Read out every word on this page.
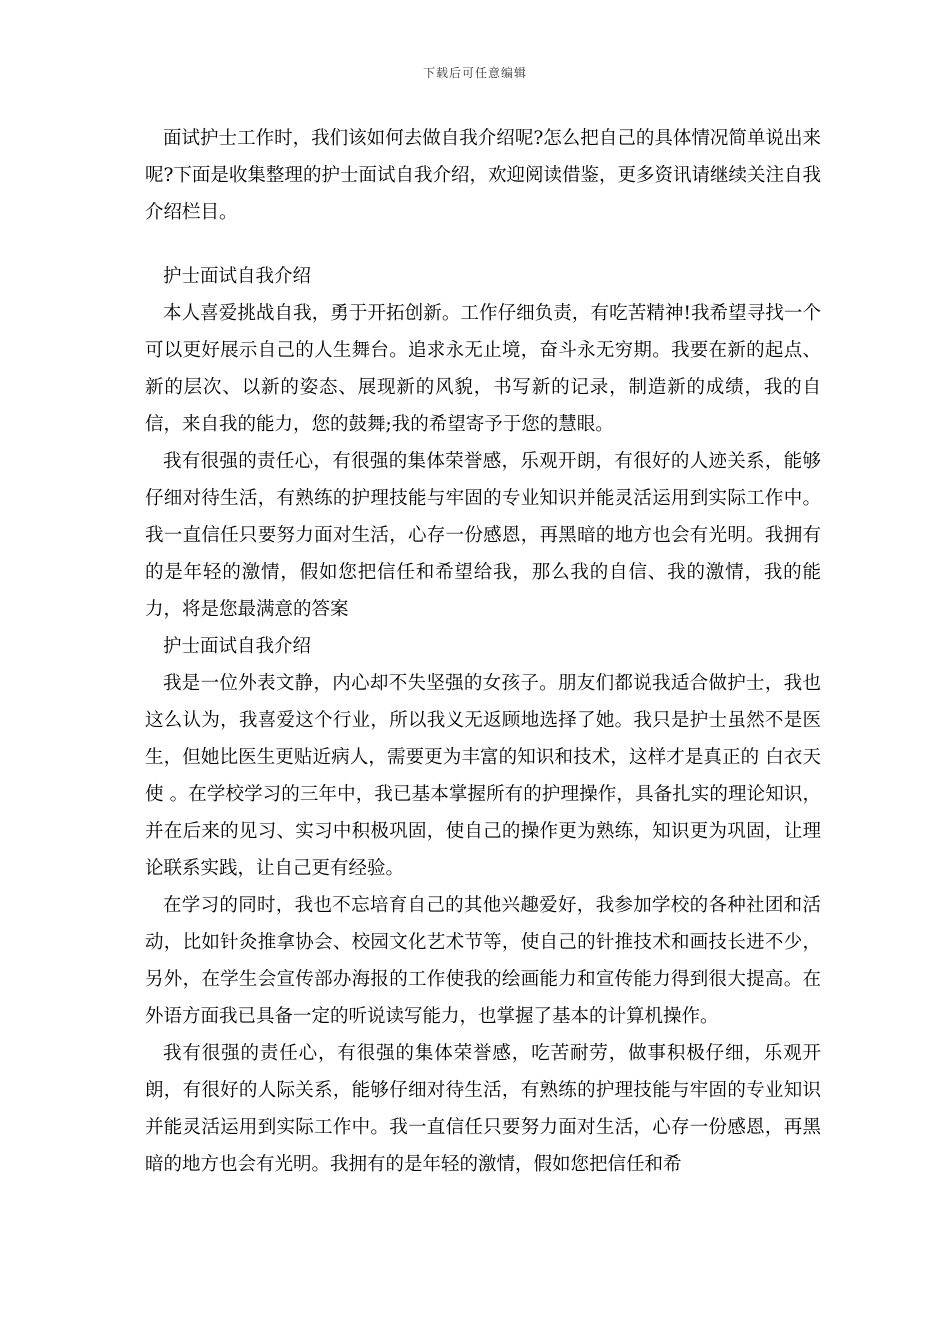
下载后可任意编辑

面试护士工作时，我们该如何去做自我介绍呢?怎么把自己的具体情况简单说出来呢?下面是收集整理的护士面试自我介绍，欢迎阅读借鉴，更多资讯请继续关注自我介绍栏目。

护士面试自我介绍

本人喜爱挑战自我，勇于开拓创新。工作仔细负责，有吃苦精神!我希望寻找一个可以更好展示自己的人生舞台。追求永无止境，奋斗永无穷期。我要在新的起点、新的层次、以新的姿态、展现新的风貌，书写新的记录，制造新的成绩，我的自信，来自我的能力，您的鼓舞;我的希望寄予于您的慧眼。

我有很强的责任心，有很强的集体荣誉感，乐观开朗，有很好的人迹关系，能够仔细对待生活，有熟练的护理技能与牢固的专业知识并能灵活运用到实际工作中。我一直信任只要努力面对生活，心存一份感恩，再黑暗的地方也会有光明。我拥有的是年轻的激情，假如您把信任和希望给我，那么我的自信、我的激情，我的能力，将是您最满意的答案

护士面试自我介绍

我是一位外表文静，内心却不失坚强的女孩子。朋友们都说我适合做护士，我也这么认为，我喜爱这个行业，所以我义无返顾地选择了她。我只是护士虽然不是医生，但她比医生更贴近病人，需要更为丰富的知识和技术，这样才是真正的 白衣天使 。在学校学习的三年中，我已基本掌握所有的护理操作，具备扎实的理论知识，并在后来的见习、实习中积极巩固，使自己的操作更为熟练，知识更为巩固，让理论联系实践，让自己更有经验。

在学习的同时，我也不忘培育自己的其他兴趣爱好，我参加学校的各种社团和活动，比如针灸推拿协会、校园文化艺术节等，使自己的针推技术和画技长进不少，另外，在学生会宣传部办海报的工作使我的绘画能力和宣传能力得到很大提高。在外语方面我已具备一定的听说读写能力，也掌握了基本的计算机操作。

我有很强的责任心，有很强的集体荣誉感，吃苦耐劳，做事积极仔细，乐观开朗，有很好的人际关系，能够仔细对待生活，有熟练的护理技能与牢固的专业知识并能灵活运用到实际工作中。我一直信任只要努力面对生活，心存一份感恩，再黑暗的地方也会有光明。我拥有的是年轻的激情，假如您把信任和希
